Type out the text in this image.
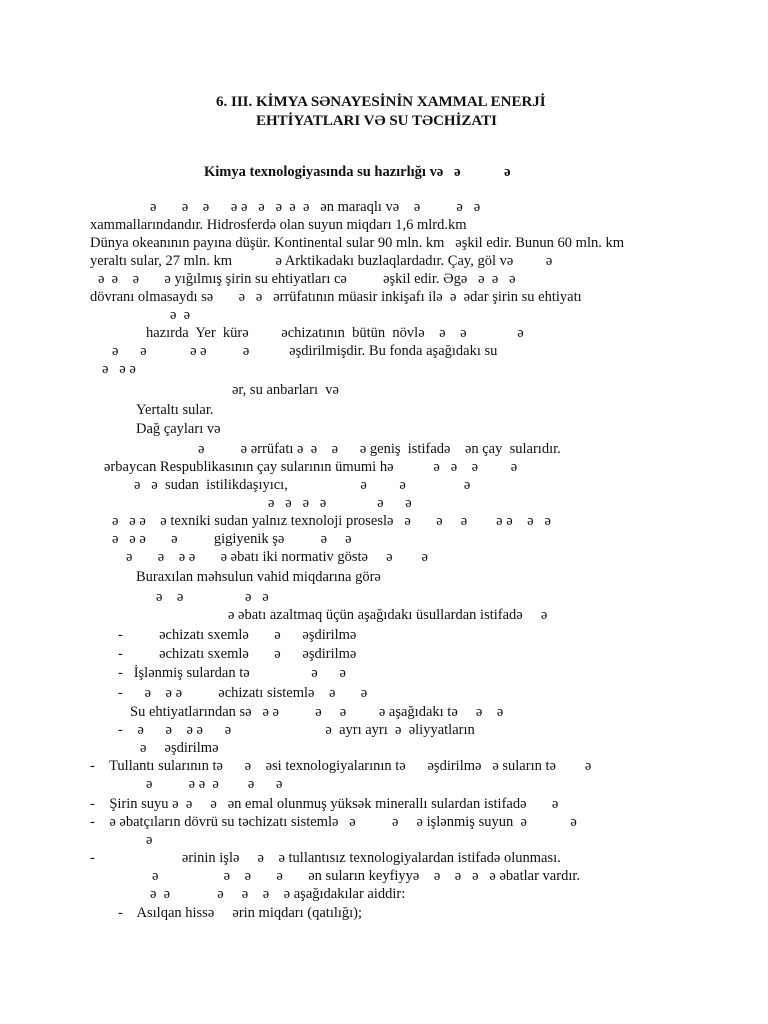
6. III. KİMYA SƏNAYESİNİN XAMMAL ENERJİ
EHTİYATLARI VƏ SU TƏCHİZATI
Kimya texnologiyasında su hazırlığı və   ə            ə
ə       ə    ə      ə ə   ə   ə  ə  ə   ən maraqlı və    ə          ə   ə
xammallarındandır. Hidrosferdə olan suyun miqdarı 1,6 mlrd.km
Dünya okeanının payına düşür. Kontinental sular 90 mln. km   əşkil edir. Bunun 60 mln. km
yeraltı sular, 27 mln. km            ə Arktikadakı buzlaqlardadır. Çay, göl və         ə
ə  ə    ə       ə yığılmış şirin su ehtiyatları cə          əşkil edir. Əgə   ə  ə   ə
dövranı olmasaydı sə       ə   ə   ərrüfatının müasir inkişafı ilə  ə  ədar şirin su ehtiyatı
ə  ə
hazırda  Yer  kürə         əchizatının  bütün  növlə    ə    ə              ə
ə      ə            ə ə          ə           əşdirilmişdir. Bu fonda aşağıdakı su
ə   ə ə
ər, su anbarları  və
Yertaltı sular.
Dağ çayları və
ə          ə ərrüfatı ə  ə    ə      ə geniş  istifadə    ən çay  sularıdır.
ərbaycan Respublikasının çay sularının ümumi hə           ə   ə    ə         ə
ə   ə  sudan  istilikdaşıyıcı,                    ə         ə                ə
ə   ə   ə   ə              ə      ə
ə   ə ə    ə texniki sudan yalnız texnoloji proseslə   ə       ə     ə        ə ə    ə   ə
ə   ə ə       ə          gigiyenik şə          ə     ə
ə       ə    ə ə       ə əbatı iki normativ göstə     ə        ə
Buraxılan məhsulun vahid miqdarına görə
ə    ə                 ə   ə
ə əbatı azaltmaq üçün aşağıdakı üsullardan istifadə     ə
-          əchizatı sxemlə       ə      əşdirilmə
-          əchizatı sxemlə       ə      əşdirilmə
-   İşlənmiş sulardan tə                 ə      ə
-      ə    ə ə          əchizatı sistemlə    ə       ə
Su ehtiyatlarından sə   ə ə          ə     ə         ə aşağıdakı tə     ə    ə
-    ə      ə    ə ə      ə                          ə  ayrı ayrı  ə  əliyyatların
ə     əşdirilmə
-    Tullantı sularının tə      ə    əsi texnologiyalarının tə      əşdirilmə   ə suların tə        ə
ə          ə ə  ə        ə      ə
-    Şirin suyu ə  ə     ə   ən emal olunmuş yüksək minerallı sulardan istifadə       ə
-    ə əbatçıların dövrü su təchizatı sistemlə   ə          ə     ə işlənmiş suyun  ə            ə
ə
-                        ərinin işlə     ə    ə tullantısız texnologiyalardan istifadə olunması.
ə                  ə    ə       ə       ən suların keyfiyyə    ə    ə   ə   ə əbatlar vardır.
ə  ə             ə     ə    ə    ə aşağıdakılar aiddir:
-    Asılqan hissə     ərin miqdarı (qatılığı);
